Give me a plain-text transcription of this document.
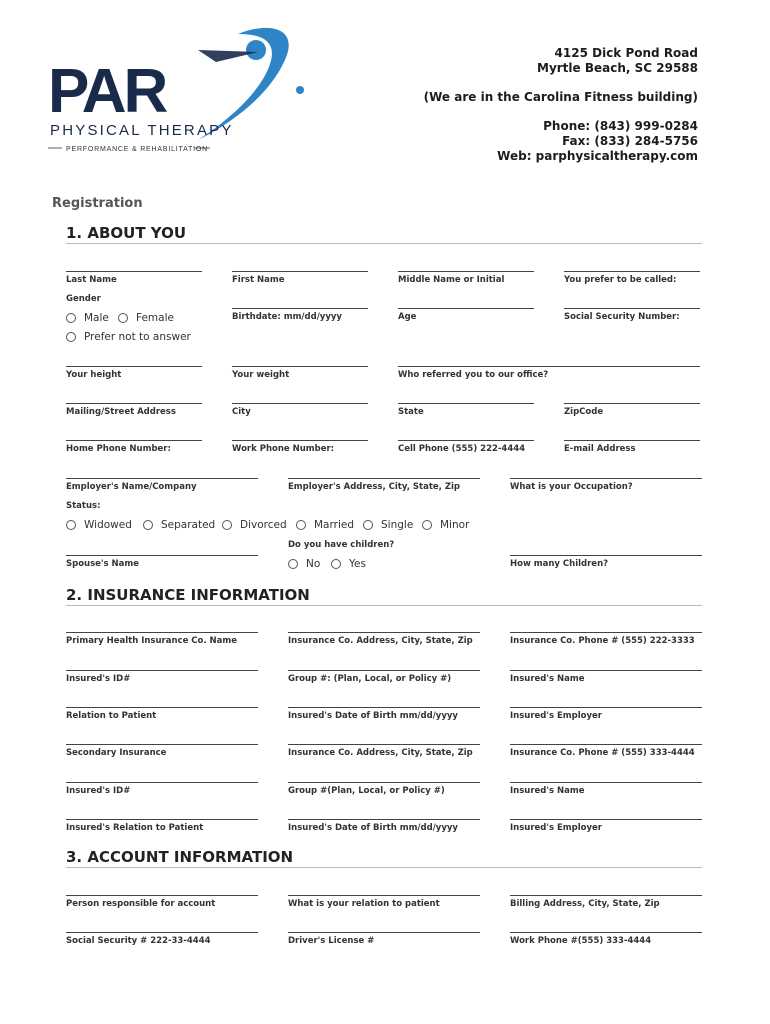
PAR
PHYSICAL THERAPY
PERFORMANCE & REHABILITATION
4125 Dick Pond Road
Myrtle Beach, SC 29588
(We are in the Carolina Fitness building)
Phone: (843) 999-0284
Fax: (833) 284-5756
Web: parphysicaltherapy.com
Registration
1. ABOUT YOU
Last Name	First Name	Middle Name or Initial	You prefer to be called:
Gender
Male	Female
Prefer not to answer
Birthdate: mm/dd/yyyy	Age	Social Security Number:
Your height	Your weight	Who referred you to our office?
Mailing/Street Address	City	State	ZipCode
Home Phone Number:	Work Phone Number:	Cell Phone (555) 222-4444	E-mail Address
Employer's Name/Company	Employer's Address, City, State, Zip	What is your Occupation?
Status:
Widowed	Separated Divorced	Married	Single	Minor
Do you have children?
No	Yes
Spouse's Name	How many Children?
2. INSURANCE INFORMATION
Primary Health Insurance Co. Name	Insurance Co. Address, City, State, Zip	Insurance Co. Phone # (555) 222-3333
Insured's ID#	Group #: (Plan, Local, or Policy #)	Insured's Name
Relation to Patient	Insured's Date of Birth mm/dd/yyyy	Insured's Employer
Secondary Insurance	Insurance Co. Address, City, State, Zip	Insurance Co. Phone # (555) 333-4444
Insured's ID#	Group #(Plan, Local, or Policy #)	Insured's Name
Insured's Relation to Patient	Insured's Date of Birth mm/dd/yyyy	Insured's Employer
3. ACCOUNT INFORMATION
Person responsible for account	What is your relation to patient	Billing Address, City, State, Zip
Social Security # 222-33-4444	Driver's License #	Work Phone #(555) 333-4444
